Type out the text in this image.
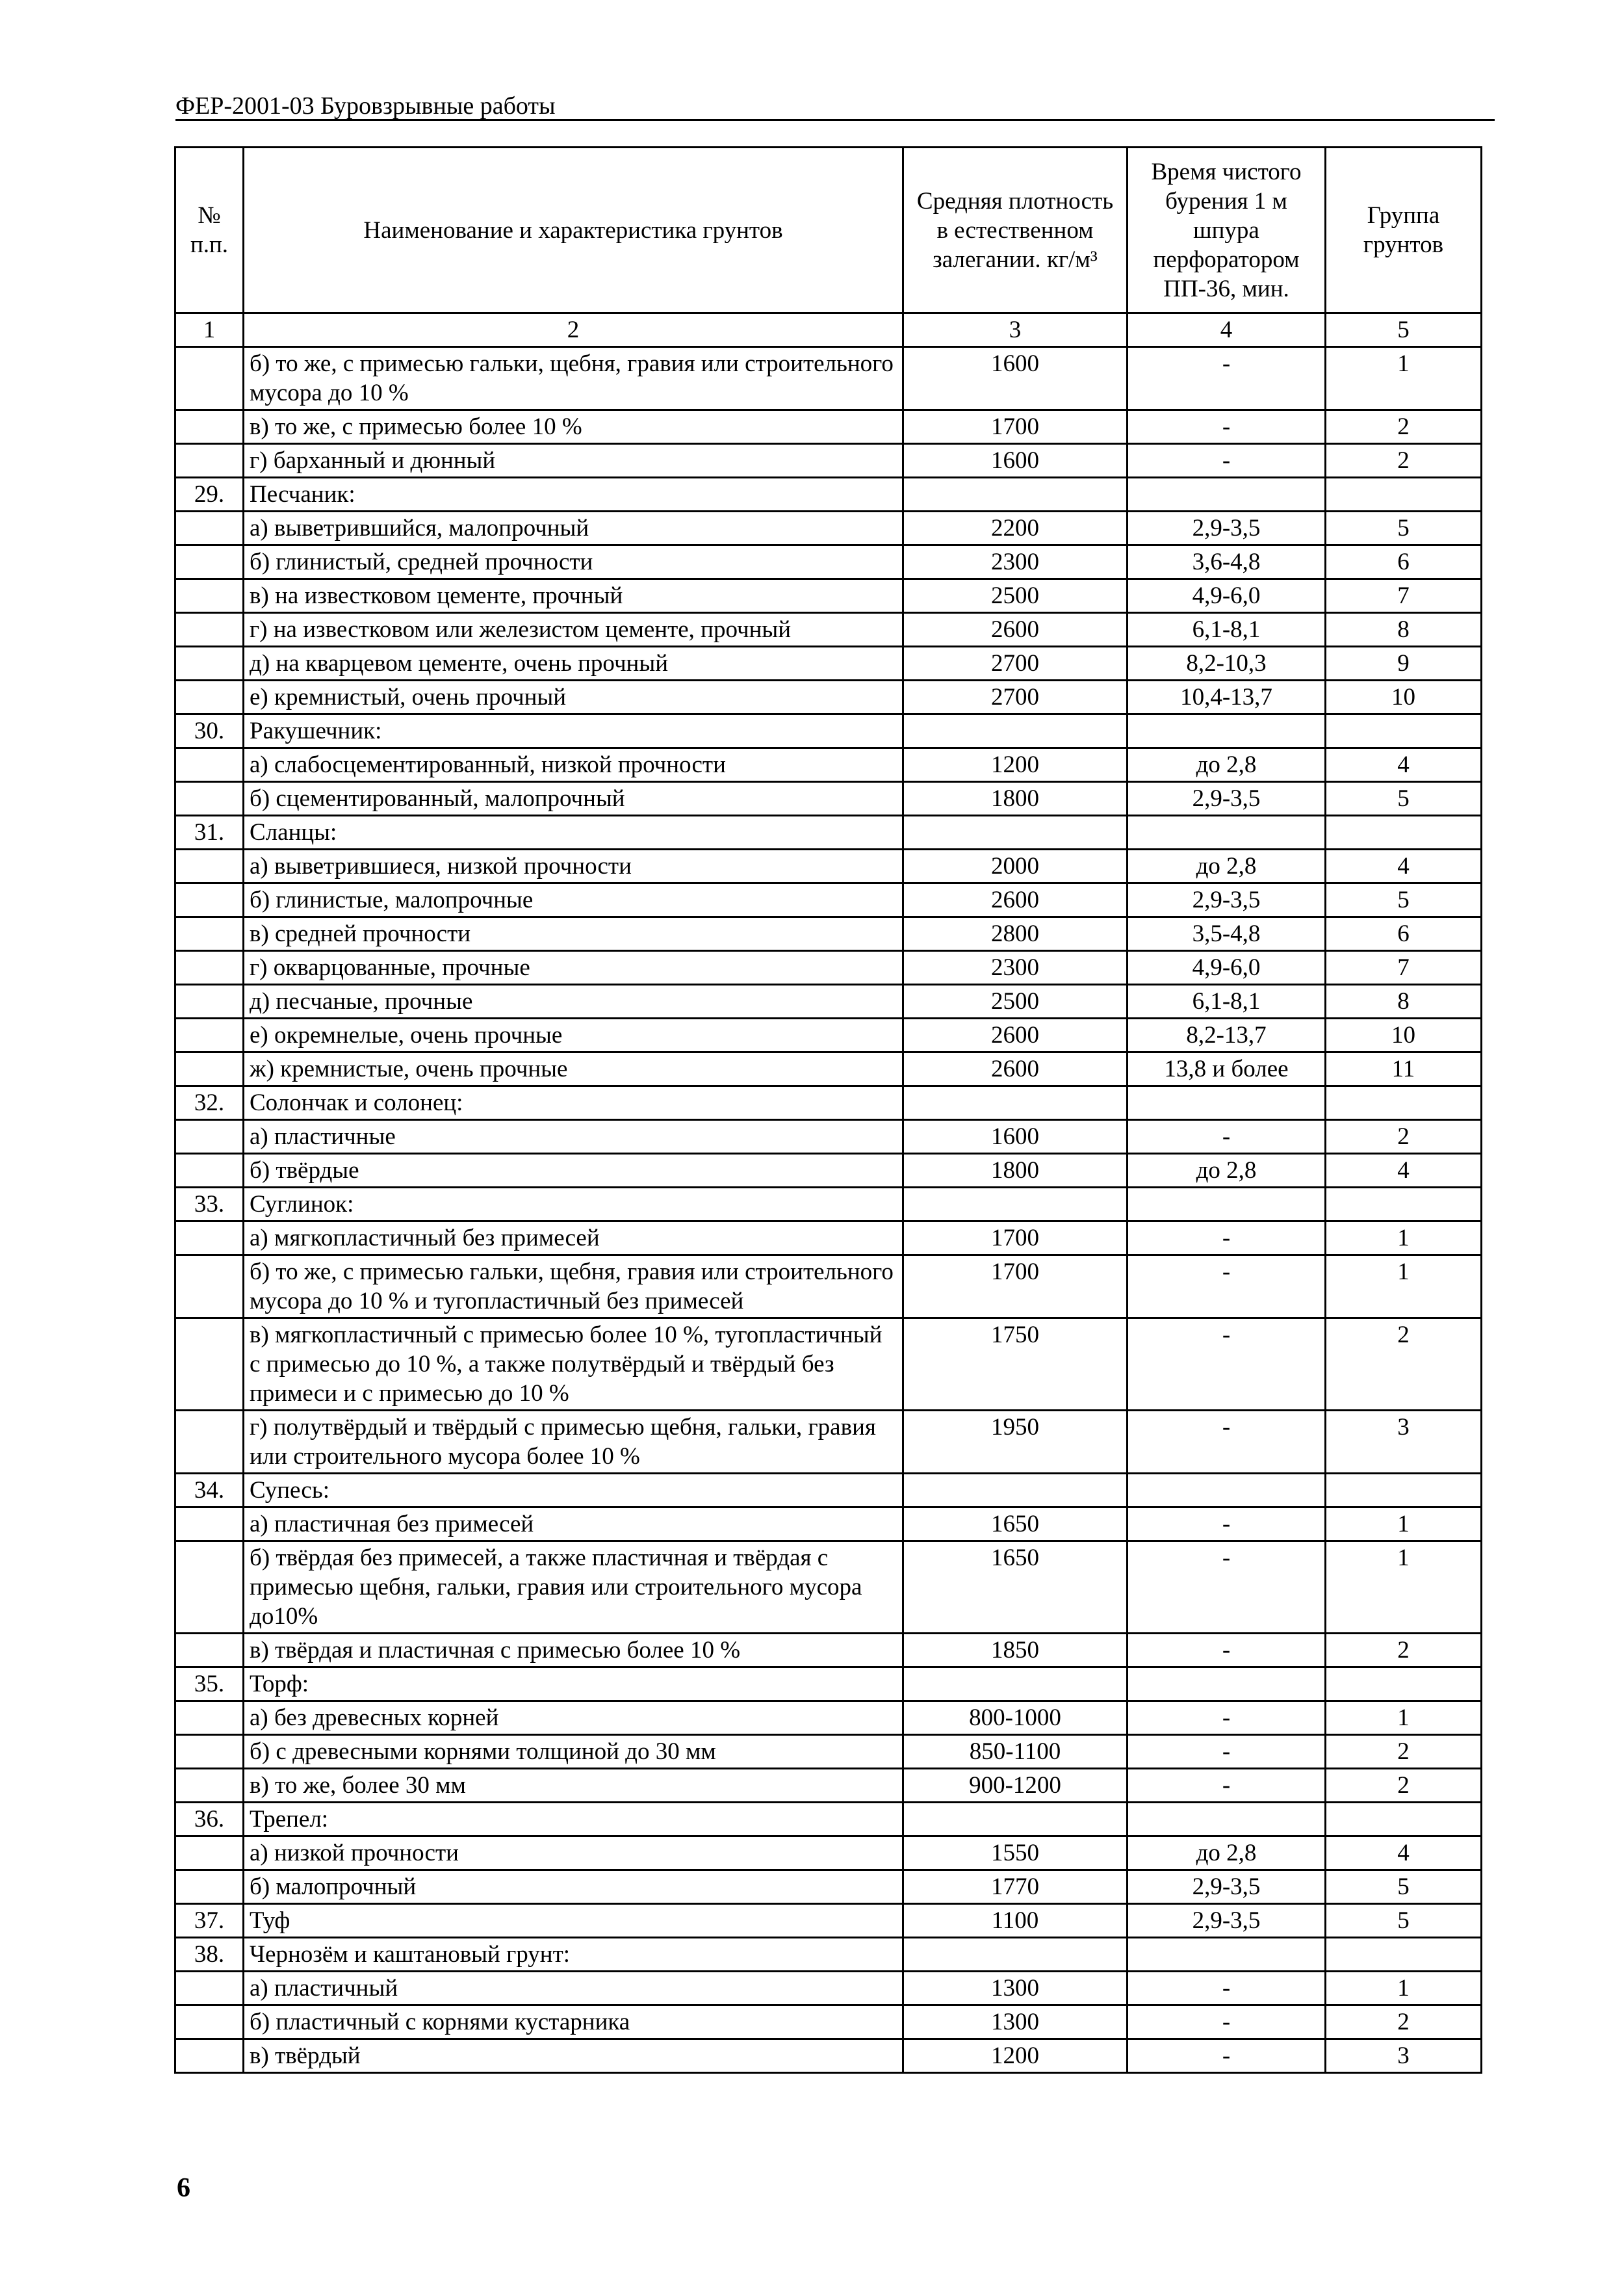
ФЕР-2001-03 Буровзрывные работы
№ п.п.	Наименование и характеристика грунтов	Средняя плотность в естественном залегании. кг/м³	Время чистого бурения 1 м шпура перфоратором ПП-36, мин.	Группа грунтов
1	2	3	4	5
	б) то же, с примесью гальки, щебня, гравия или строительного мусора до 10 %	1600	-	1
	в) то же, с примесью более 10 %	1700	-	2
	г) барханный и дюнный	1600	-	2
29.	Песчаник:			
	а) выветрившийся, малопрочный	2200	2,9-3,5	5
	б) глинистый, средней прочности	2300	3,6-4,8	6
	в) на известковом цементе, прочный	2500	4,9-6,0	7
	г) на известковом или железистом цементе, прочный	2600	6,1-8,1	8
	д) на кварцевом цементе, очень прочный	2700	8,2-10,3	9
	е) кремнистый, очень прочный	2700	10,4-13,7	10
30.	Ракушечник:			
	а) слабосцементированный, низкой прочности	1200	до 2,8	4
	б) сцементированный, малопрочный	1800	2,9-3,5	5
31.	Сланцы:			
	а) выветрившиеся, низкой прочности	2000	до 2,8	4
	б) глинистые, малопрочные	2600	2,9-3,5	5
	в) средней прочности	2800	3,5-4,8	6
	г) окварцованные, прочные	2300	4,9-6,0	7
	д) песчаные, прочные	2500	6,1-8,1	8
	е) окремнелые, очень прочные	2600	8,2-13,7	10
	ж) кремнистые, очень прочные	2600	13,8 и более	11
32.	Солончак и солонец:			
	а) пластичные	1600	-	2
	б) твёрдые	1800	до 2,8	4
33.	Суглинок:			
	а) мягкопластичный без примесей	1700	-	1
	б) то же, с примесью гальки, щебня, гравия или строительного мусора до 10 % и тугопластичный без примесей	1700	-	1
	в) мягкопластичный с примесью более 10 %, тугопластичный с примесью до 10 %, а также полутвёрдый и твёрдый без примеси и с примесью до 10 %	1750	-	2
	г) полутвёрдый и твёрдый с примесью щебня, гальки, гравия или строительного мусора более 10 %	1950	-	3
34.	Супесь:			
	а) пластичная без примесей	1650	-	1
	б) твёрдая без примесей, а также пластичная и твёрдая с примесью щебня, гальки, гравия или строительного мусора до10%	1650	-	1
	в) твёрдая и пластичная с примесью более 10 %	1850	-	2
35.	Торф:			
	а) без древесных корней	800-1000	-	1
	б) с древесными корнями толщиной до 30 мм	850-1100	-	2
	в) то же, более 30 мм	900-1200	-	2
36.	Трепел:			
	а) низкой прочности	1550	до 2,8	4
	б) малопрочный	1770	2,9-3,5	5
37.	Туф	1100	2,9-3,5	5
38.	Чернозём и каштановый грунт:			
	а) пластичный	1300	-	1
	б) пластичный с корнями кустарника	1300	-	2
	в) твёрдый	1200	-	3
6
